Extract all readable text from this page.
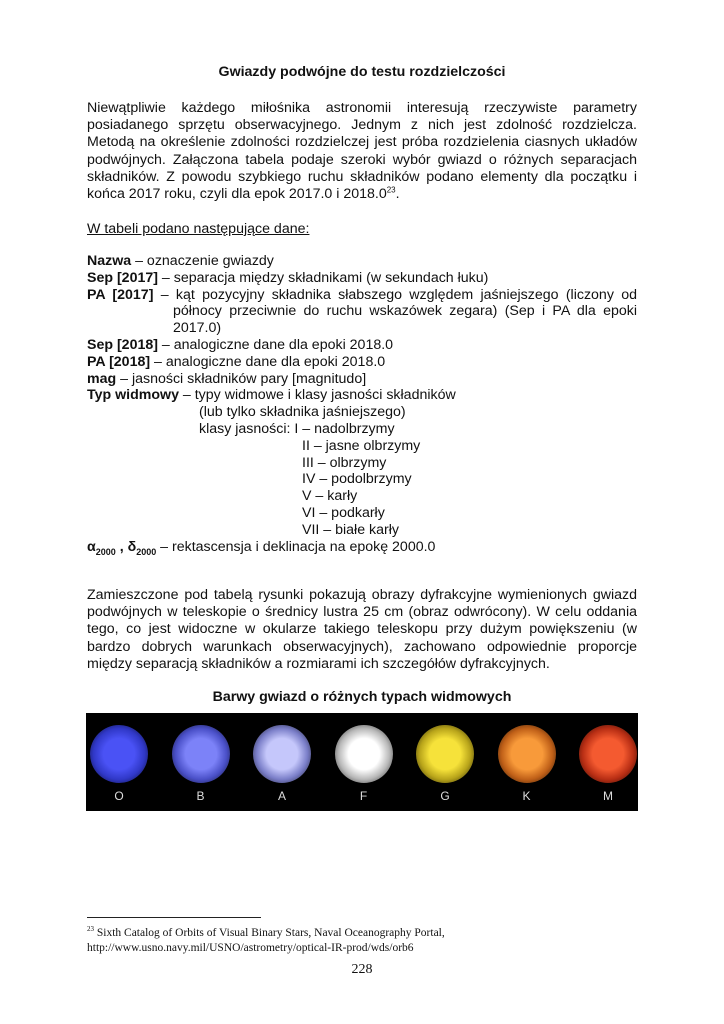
Gwiazdy podwójne do testu rozdzielczości

Niewątpliwie każdego miłośnika astronomii interesują rzeczywiste parametry posiadanego sprzętu obserwacyjnego. Jednym z nich jest zdolność rozdzielcza. Metodą na określenie zdolności rozdzielczej jest próba rozdzielenia ciasnych układów podwójnych. Załączona tabela podaje szeroki wybór gwiazd o różnych separacjach składników. Z powodu szybkiego ruchu składników podano elementy dla początku i końca 2017 roku, czyli dla epok 2017.0 i 2018.0$^{23}$.

W tabeli podano następujące dane:

Nazwa – oznaczenie gwiazdy

Sep [2017] – separacja między składnikami (w sekundach łuku)

PA [2017] – kąt pozycyjny składnika słabszego względem jaśniejszego (liczony od

północy przeciwnie do ruchu wskazówek zegara) (Sep i PA dla epoki

2017.0)

Sep [2018] – analogiczne dane dla epoki 2018.0

PA [2018] – analogiczne dane dla epoki 2018.0

mag – jasności składników pary [magnitudo]

Typ widmowy – typy widmowe i klasy jasności składników

(lub tylko składnika jaśniejszego)

klasy jasności: I – nadolbrzymy

II – jasne olbrzymy

III – olbrzymy

IV – podolbrzymy

V – karły

VI – podkarły

VII – białe karły

$\alpha_{2000}$ , $\delta_{2000}$ – rektascensja i deklinacja na epokę 2000.0

Zamieszczone pod tabelą rysunki pokazują obrazy dyfrakcyjne wymienionych gwiazd podwójnych w teleskopie o średnicy lustra 25 cm (obraz odwrócony). W celu oddania tego, co jest widoczne w okularze takiego teleskopu przy dużym powiększeniu (w bardzo dobrych warunkach obserwacyjnych), zachowano odpowiednie proporcje między separacją składników a rozmiarami ich szczegółów dyfrakcyjnych.

Barwy gwiazd o różnych typach widmowych

O	B	A	F	G	K	M

$^{23}$ Sixth Catalog of Orbits of Visual Binary Stars, Naval Oceanography Portal,
http://www.usno.navy.mil/USNO/astrometry/optical-IR-prod/wds/orb6

228
